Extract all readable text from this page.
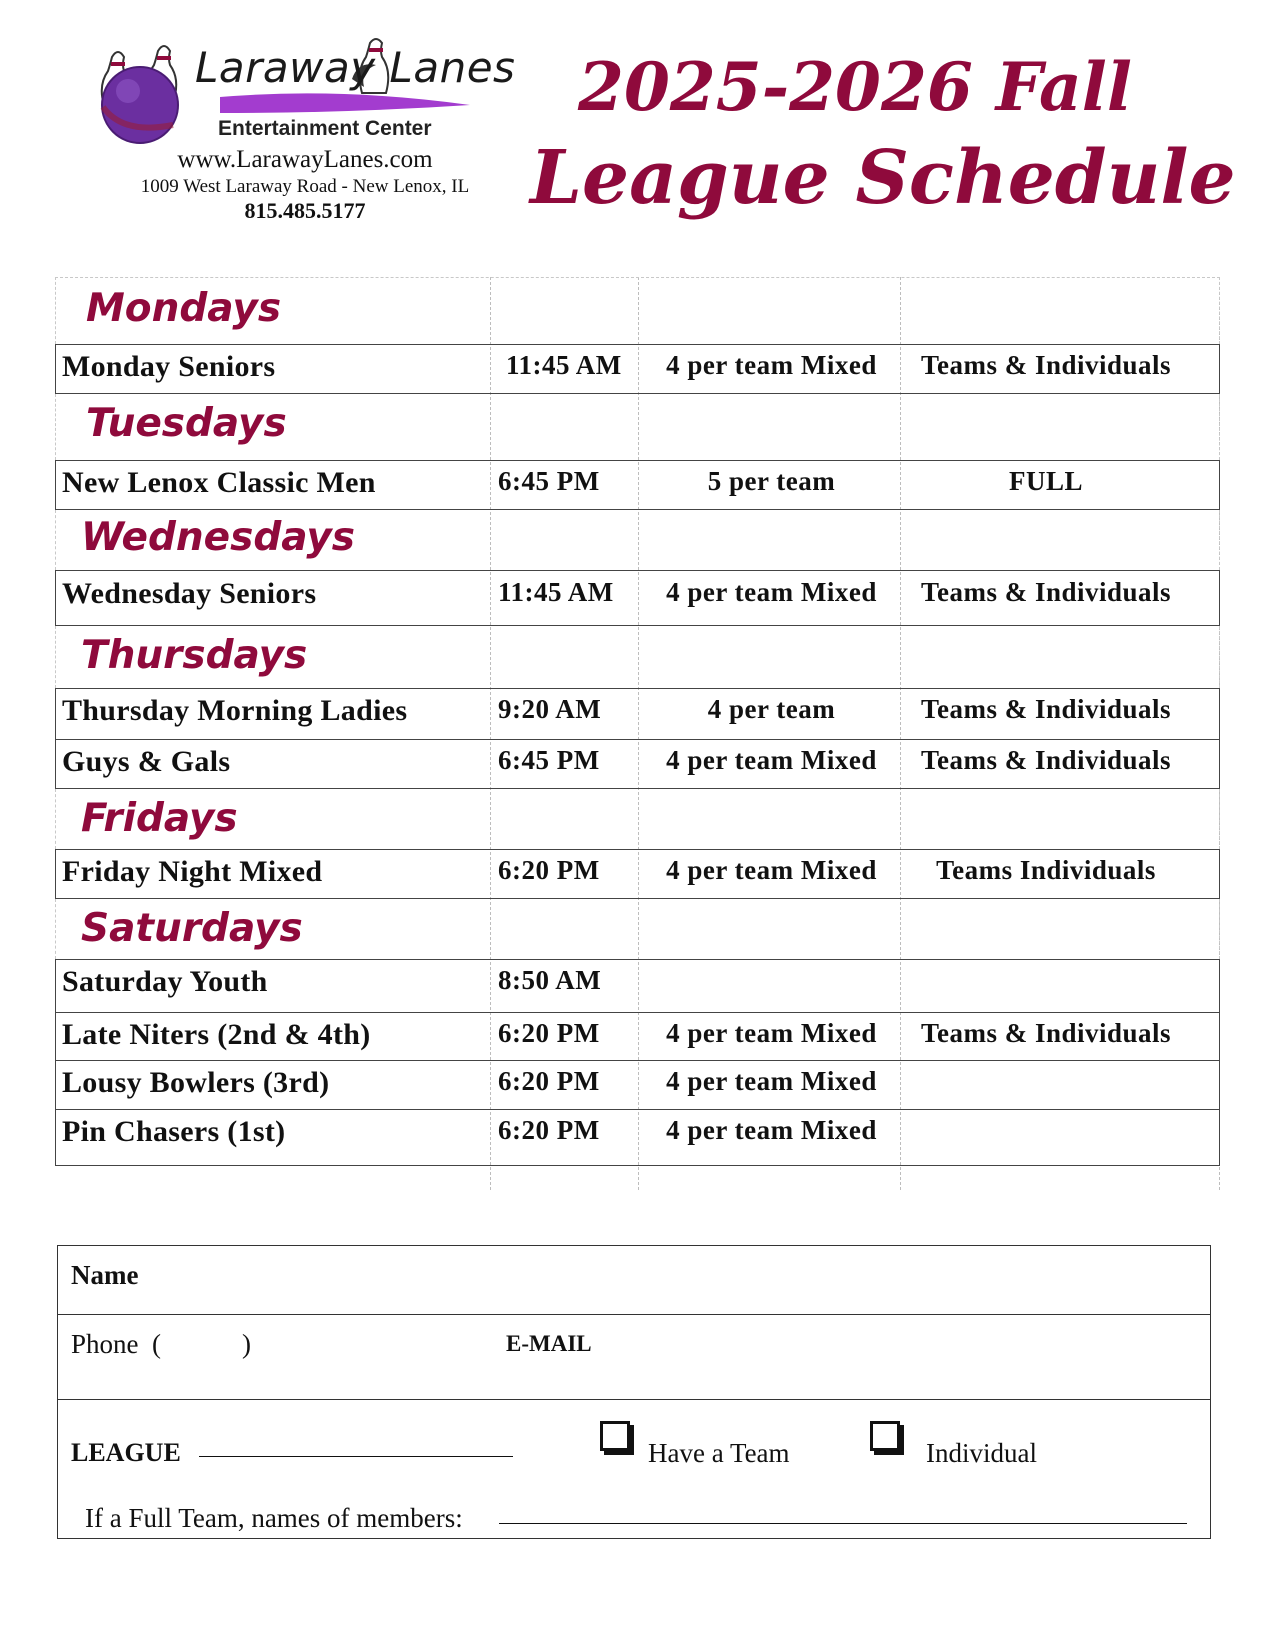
Laraway Lanes
Entertainment Center
www.LarawayLanes.com
1009 West Laraway Road - New Lenox, IL
815.485.5177
2025-2026 Fall
League Schedule
Mondays
Monday Seniors	11:45 AM	4 per team Mixed	Teams & Individuals
Tuesdays
New Lenox Classic Men	6:45 PM	5 per team	FULL
Wednesdays
Wednesday Seniors	11:45 AM	4 per team Mixed	Teams & Individuals
Thursdays
Thursday Morning Ladies	9:20 AM	4 per team	Teams & Individuals
Guys & Gals	6:45 PM	4 per team Mixed	Teams & Individuals
Fridays
Friday Night Mixed	6:20 PM	4 per team Mixed	Teams Individuals
Saturdays
Saturday Youth	8:50 AM
Late Niters (2nd & 4th)	6:20 PM	4 per team Mixed	Teams & Individuals
Lousy Bowlers (3rd)	6:20 PM	4 per team Mixed
Pin Chasers (1st)	6:20 PM	4 per team Mixed
Name
Phone  (            )	E-MAIL
LEAGUE	Have a Team	Individual
If a Full Team, names of members:
